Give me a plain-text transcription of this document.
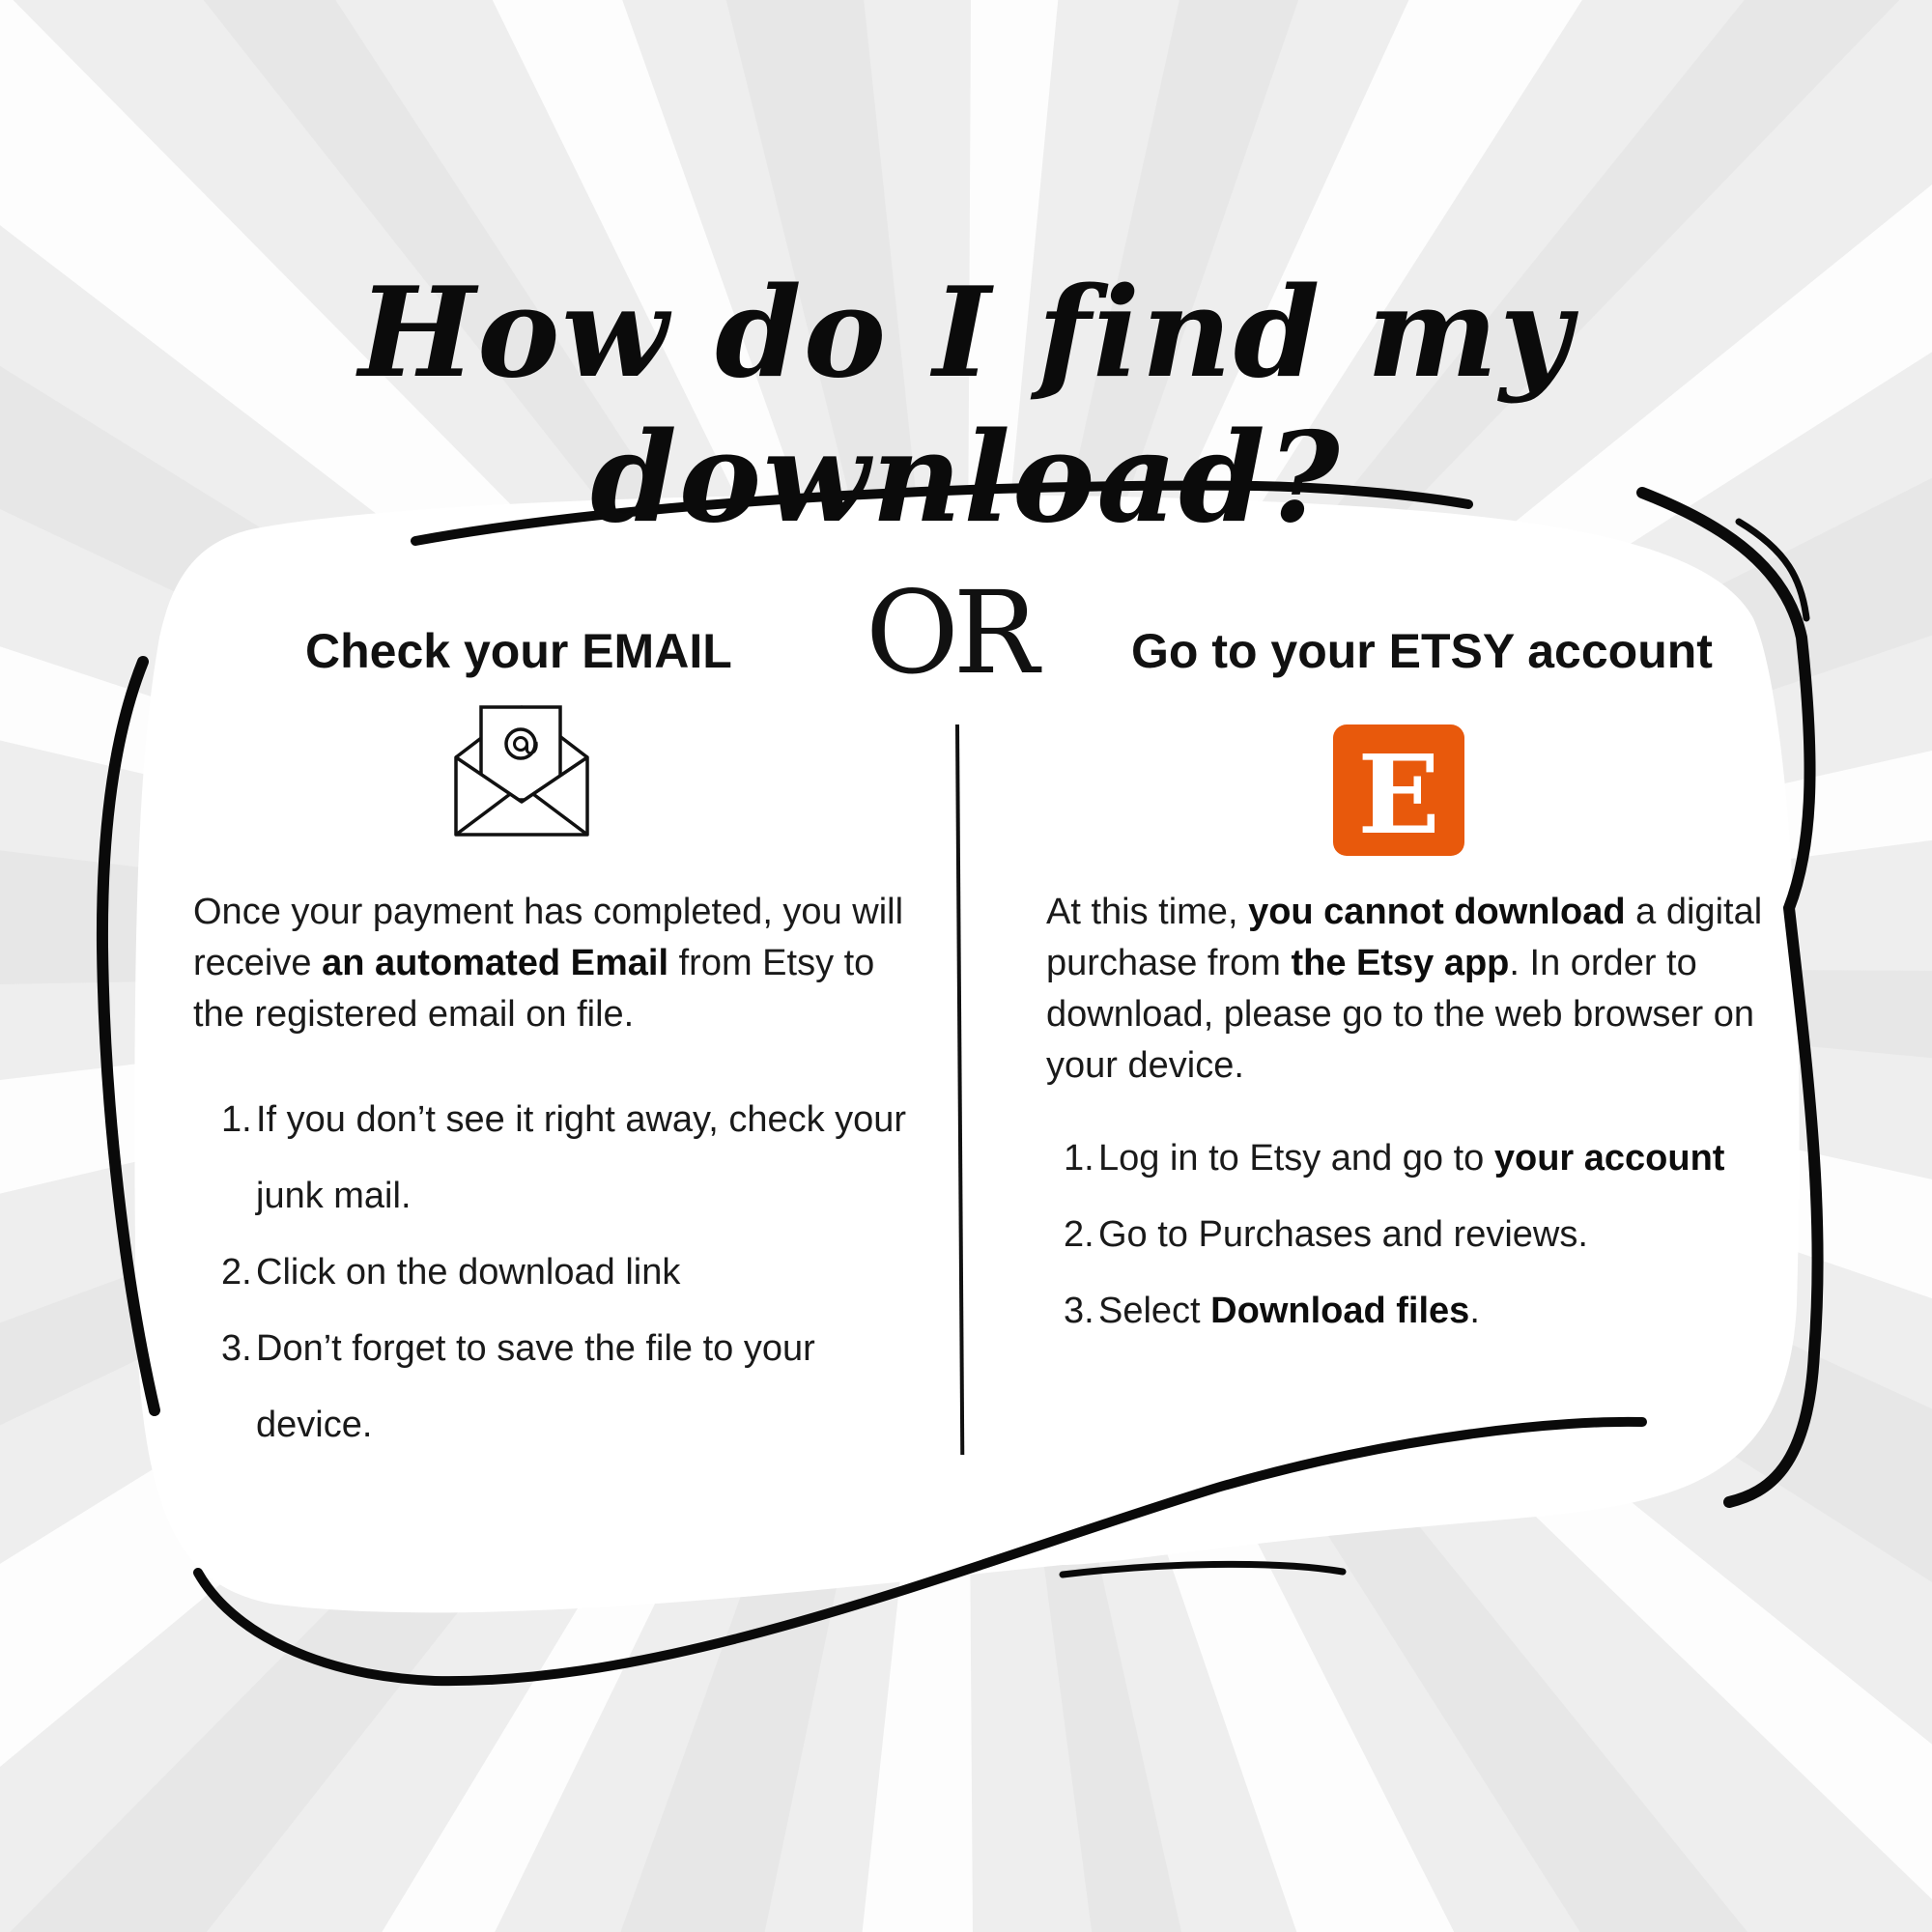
How do I find my download?
Check your EMAIL OR Go to your ETSY account
E

Once your payment has completed, you will receive an automated Email from Etsy to the registered email on file.

1. If you don’t see it right away, check your junk mail.
2. Click on the download link
3. Don’t forget to save the file to your device.

At this time, you cannot download a digital purchase from the Etsy app. In order to download, please go to the web browser on your device.

1. Log in to Etsy and go to your account
2. Go to Purchases and reviews.
3. Select Download files.
